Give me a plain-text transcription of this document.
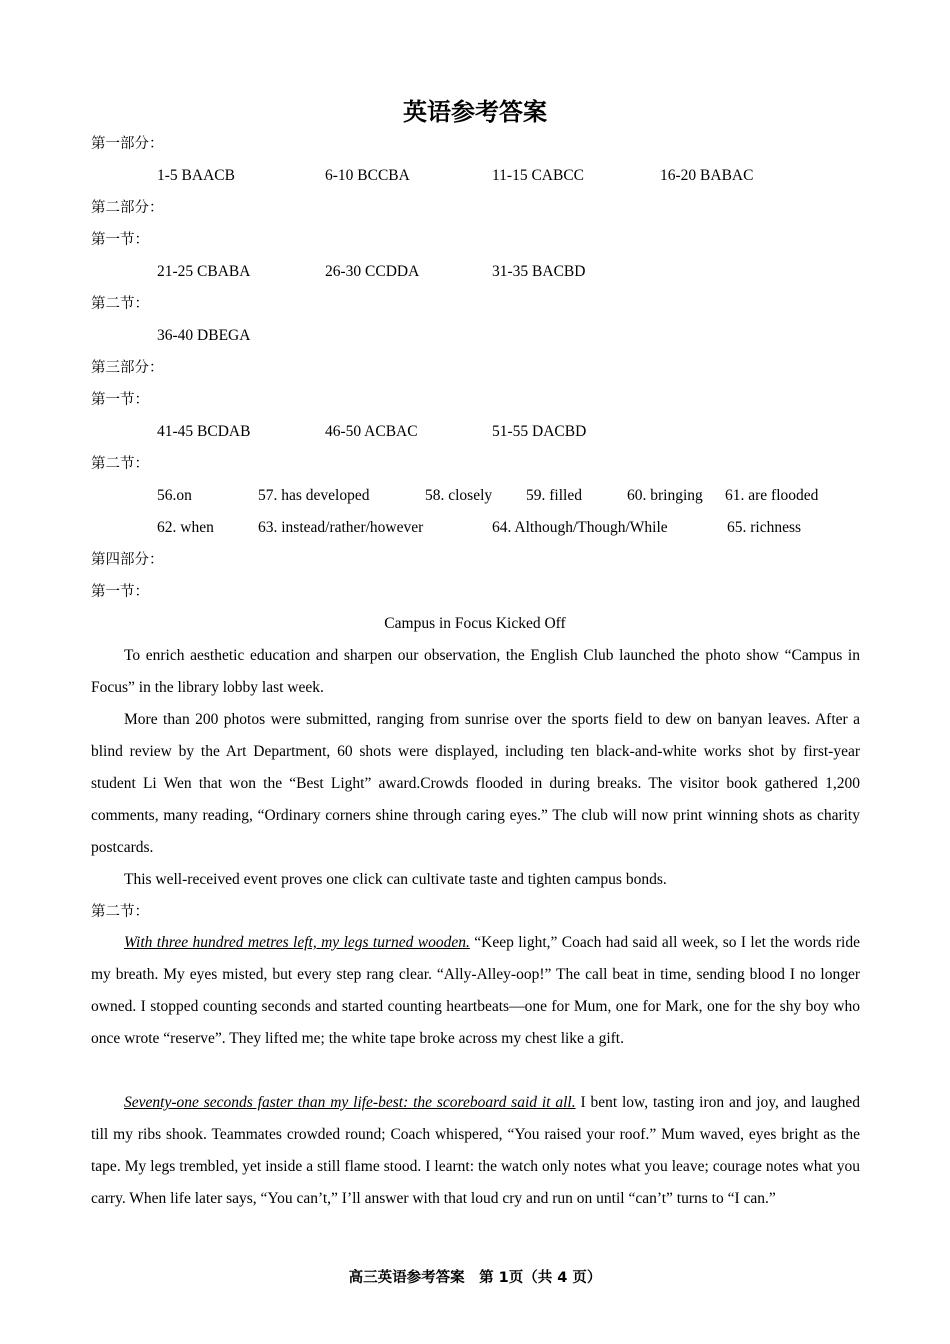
英语参考答案
第一部分：
1-5 BAACB	6-10 BCCBA	11-15 CABCC	16-20 BABAC
第二部分：
第一节：
21-25 CBABA	26-30 CCDDA	31-35 BACBD
第二节：
36-40 DBEGA
第三部分：
第一节：
41-45 BCDAB	46-50 ACBAC	51-55 DACBD
第二节：
56.on	57. has developed	58. closely 59. filled	60. bringing 61. are flooded
62. when	63. instead/rather/however	64. Although/Though/While	65. richness
第四部分：
第一节：
Campus in Focus Kicked Off
To enrich aesthetic education and sharpen our observation, the English Club launched the photo show “Campus in Focus” in the library lobby last week.
More than 200 photos were submitted, ranging from sunrise over the sports field to dew on banyan leaves. After a blind review by the Art Department, 60 shots were displayed, including ten black-and-white works shot by first-year student Li Wen that won the “Best Light” award.Crowds flooded in during breaks. The visitor book gathered 1,200 comments, many reading, “Ordinary corners shine through caring eyes.” The club will now print winning shots as charity postcards.
This well-received event proves one click can cultivate taste and tighten campus bonds.
第二节：
With three hundred metres left, my legs turned wooden. “Keep light,” Coach had said all week, so I let the words ride my breath. My eyes misted, but every step rang clear. “Ally-Alley-oop!” The call beat in time, sending blood I no longer owned. I stopped counting seconds and started counting heartbeats—one for Mum, one for Mark, one for the shy boy who once wrote “reserve”. They lifted me; the white tape broke across my chest like a gift.
Seventy-one seconds faster than my life-best: the scoreboard said it all. I bent low, tasting iron and joy, and laughed till my ribs shook. Teammates crowded round; Coach whispered, “You raised your roof.” Mum waved, eyes bright as the tape. My legs trembled, yet inside a still flame stood. I learnt: the watch only notes what you leave; courage notes what you carry. When life later says, “You can’t,” I’ll answer with that loud cry and run on until “can’t” turns to “I can.”
高三英语参考答案　第 1页（共 4 页）
